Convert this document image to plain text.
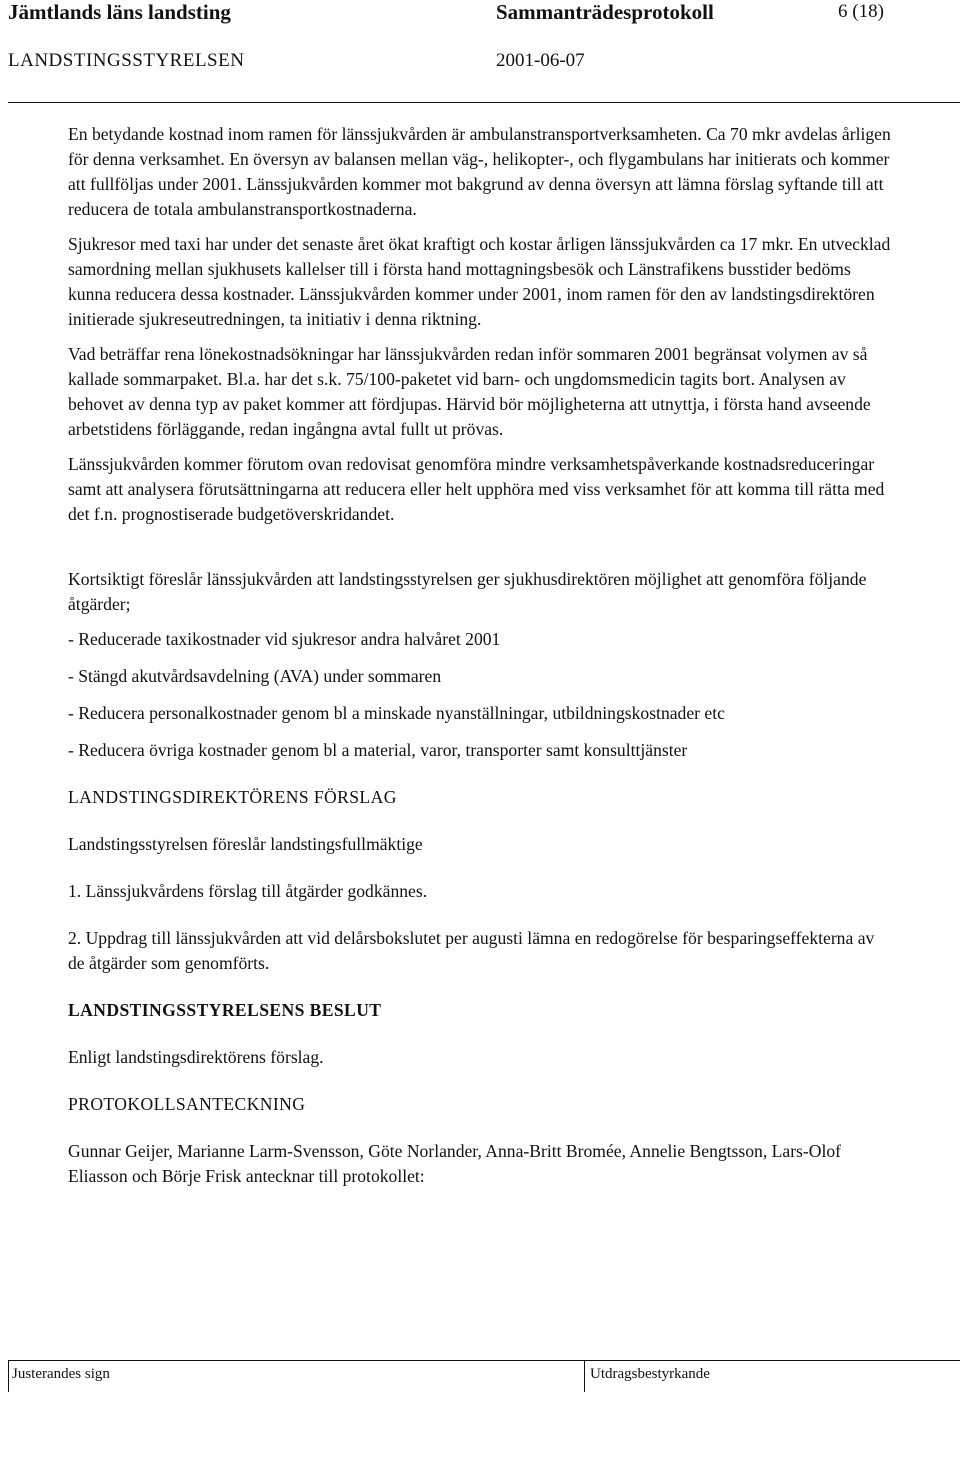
Jämtlands läns landsting	Sammanträdesprotokoll	6 (18)
LANDSTINGSSTYRELSEN	2001-06-07

En betydande kostnad inom ramen för länssjukvården är ambulanstransportverksamheten. Ca 70 mkr avdelas årligen för denna verksamhet. En översyn av balansen mellan väg-, helikopter-, och flygambulans har initierats och kommer att fullföljas under 2001. Länssjukvården kommer mot bakgrund av denna översyn att lämna förslag syftande till att reducera de totala ambulanstransportkostnaderna.

Sjukresor med taxi har under det senaste året ökat kraftigt och kostar årligen länssjukvården ca 17 mkr. En utvecklad samordning mellan sjukhusets kallelser till i första hand mottagningsbesök och Länstrafikens busstider bedöms kunna reducera dessa kostnader. Länssjukvården kommer under 2001, inom ramen för den av landstingsdirektören initierade sjukreseutredningen, ta initiativ i denna riktning.

Vad beträffar rena lönekostnadsökningar har länssjukvården redan inför sommaren 2001 begränsat volymen av så kallade sommarpaket. Bl.a. har det s.k. 75/100-paketet vid barn- och ungdomsmedicin tagits bort. Analysen av behovet av denna typ av paket kommer att fördjupas. Härvid bör möjligheterna att utnyttja, i första hand avseende arbetstidens förläggande, redan ingångna avtal fullt ut prövas.

Länssjukvården kommer förutom ovan redovisat genomföra mindre verksamhetspåverkande kostnadsreduceringar samt att analysera förutsättningarna att reducera eller helt upphöra med viss verksamhet för att komma till rätta med det f.n. prognostiserade budgetöverskridandet.

Kortsiktigt föreslår länssjukvården att landstingsstyrelsen ger sjukhusdirektören möjlighet att genomföra följande åtgärder;

- Reducerade taxikostnader vid sjukresor andra halvåret 2001
- Stängd akutvårdsavdelning (AVA) under sommaren
- Reducera personalkostnader genom bl a minskade nyanställningar, utbildningskostnader etc
- Reducera övriga kostnader genom bl a material, varor, transporter samt konsulttjänster
LANDSTINGSDIREKTÖRENS FÖRSLAG

Landstingsstyrelsen föreslår landstingsfullmäktige

1. Länssjukvårdens förslag till åtgärder godkännes.

2. Uppdrag till länssjukvården att vid delårsbokslutet per augusti lämna en redogörelse för besparingseffekterna av de åtgärder som genomförts.

LANDSTINGSSTYRELSENS BESLUT

Enligt landstingsdirektörens förslag.

PROTOKOLLSANTECKNING

Gunnar Geijer, Marianne Larm-Svensson, Göte Norlander, Anna-Britt Bromée, Annelie Bengtsson, Lars-Olof Eliasson och Börje Frisk antecknar till protokollet:

Justerandes sign	Utdragsbestyrkande
